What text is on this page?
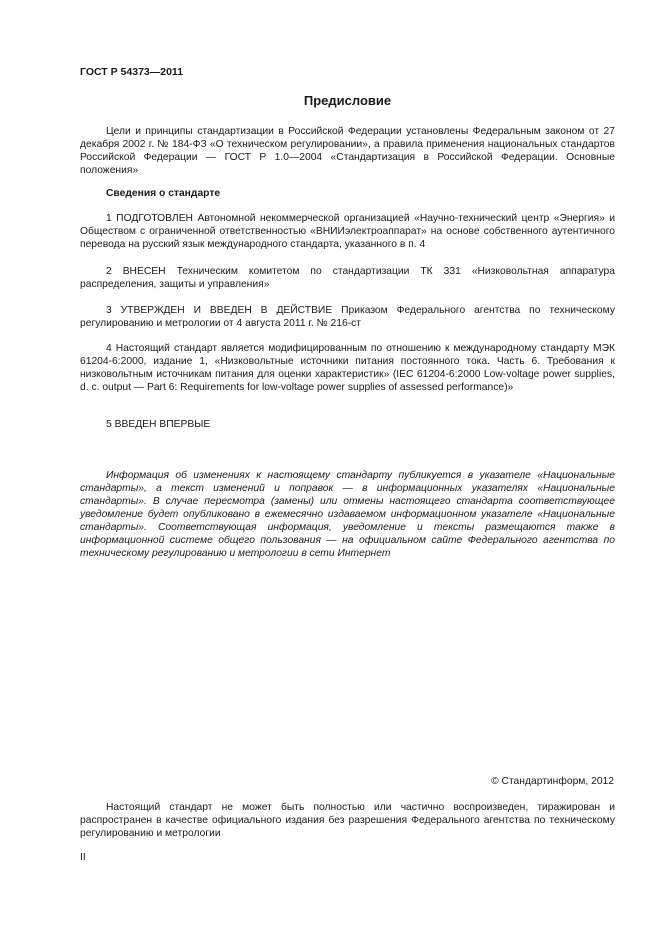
ГОСТ Р 54373—2011
Предисловие

Цели и принципы стандартизации в Российской Федерации установлены Федеральным законом от 27 декабря 2002 г. № 184-ФЗ «О техническом регулировании», а правила применения национальных стандартов Российской Федерации — ГОСТ Р 1.0—2004 «Стандартизация в Российской Федерации. Основные положения»

Сведения о стандарте

1 ПОДГОТОВЛЕН Автономной некоммерческой организацией «Научно-технический центр «Энергия» и Обществом с ограниченной ответственностью «ВНИИэлектроаппарат» на основе собственного аутентичного перевода на русский язык международного стандарта, указанного в п. 4

2 ВНЕСЕН Техническим комитетом по стандартизации ТК 331 «Низковольтная аппаратура распределения, защиты и управления»

3 УТВЕРЖДЕН И ВВЕДЕН В ДЕЙСТВИЕ Приказом Федерального агентства по техническому регулированию и метрологии от 4 августа 2011 г. № 216-ст

4 Настоящий стандарт является модифицированным по отношению к международному стандарту МЭК 61204-6:2000, издание 1, «Низковольтные источники питания постоянного тока. Часть 6. Требования к низковольтным источникам питания для оценки характеристик» (IEC 61204-6:2000 Low-voltage power supplies, d. c. output — Part 6: Requirements for low-voltage power supplies of assessed performance)»

5 ВВЕДЕН ВПЕРВЫЕ

Информация об изменениях к настоящему стандарту публикуется в указателе «Национальные стандарты», а текст изменений и поправок — в информационных указателях «Национальные стандарты». В случае пересмотра (замены) или отмены настоящего стандарта соответствующее уведомление будет опубликовано в ежемесячно издаваемом информационном указателе «Национальные стандарты». Соответствующая информация, уведомление и тексты размещаются также в информационной системе общего пользования — на официальном сайте Федерального агентства по техническому регулированию и метрологии в сети Интернет

© Стандартинформ, 2012

Настоящий стандарт не может быть полностью или частично воспроизведен, тиражирован и распространен в качестве официального издания без разрешения Федерального агентства по техническому регулированию и метрологии

II
